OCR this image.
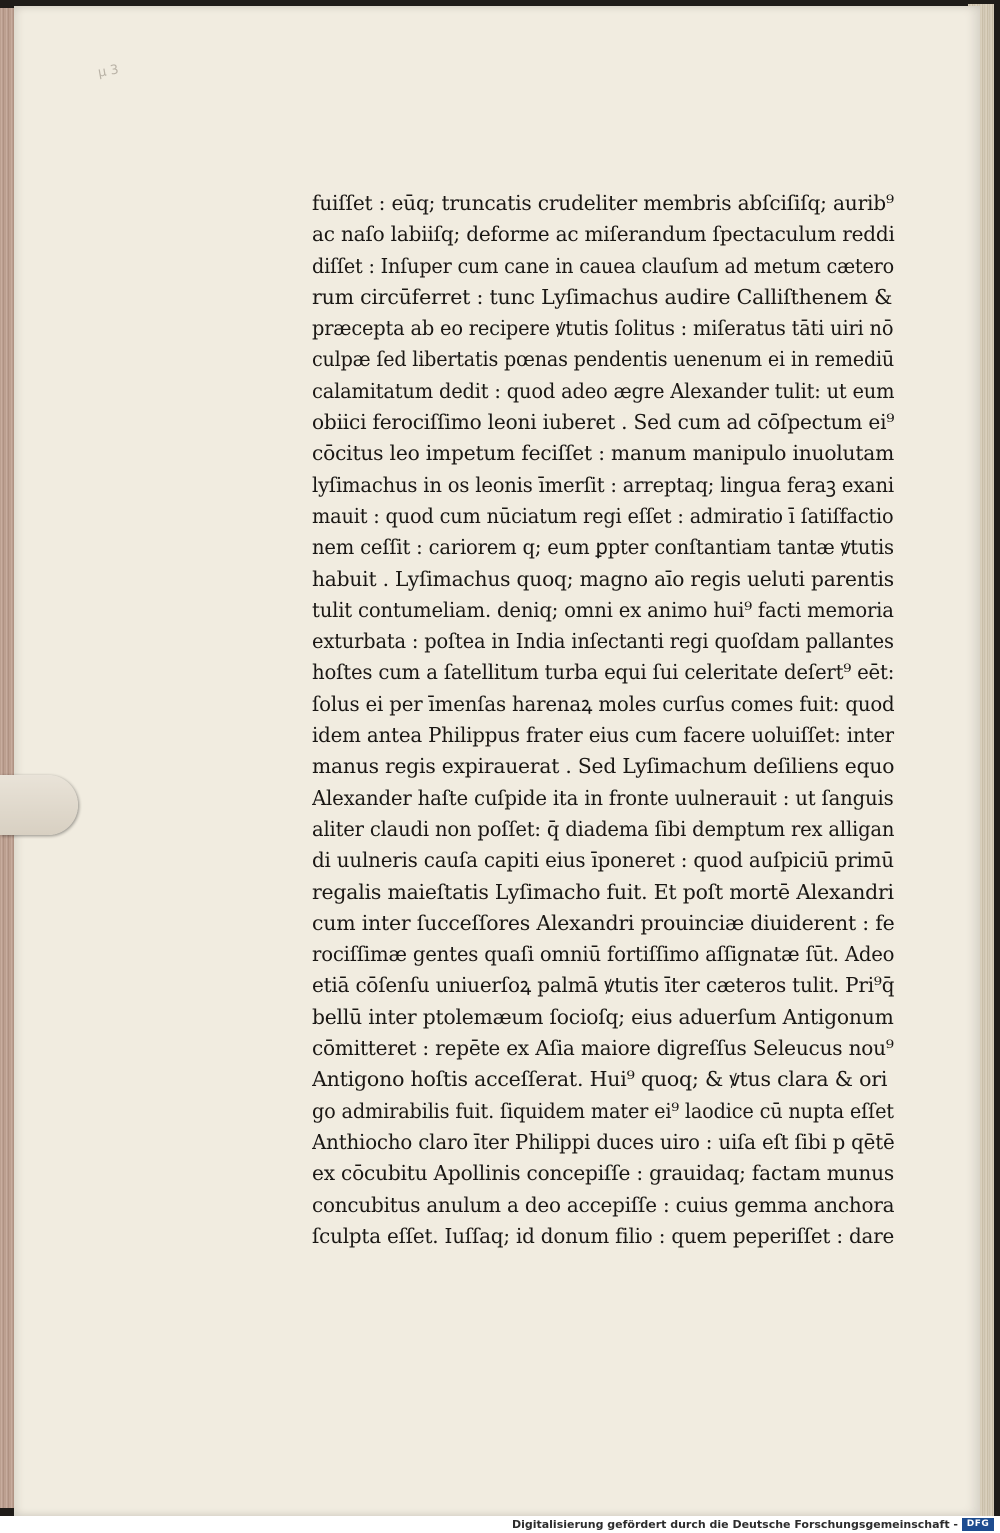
μ 3
fuiſſet : eūq; truncatis crudeliter membris abſciſiſq; aurib⁹
ac naſo labiiſq; deforme ac miſerandum ſpectaculum reddi
diſſet : Inſuper cum cane in cauea clauſum ad metum cætero
rum circūferret : tunc Lyſimachus audire Calliſthenem &
præcepta ab eo recipere ꝟtutis ſolitus : miſeratus tāti uiri nō
culpæ ſed libertatis pœnas pendentis uenenum ei in remediū
calamitatum dedit : quod adeo ægre Alexander tulit: ut eum
obiici ferociſſimo leoni iuberet . Sed cum ad cōſpectum ei⁹
cōcitus leo impetum feciſſet : manum manipulo inuolutam
lyſimachus in os leonis īmerſit : arreptaq; lingua feraꝫ exani
mauit : quod cum nūciatum regi eſſet : admiratio ī ſatiſfactio
nem ceſſit : cariorem q; eum ꝑpter conſtantiam tantæ ꝟtutis
habuit . Lyſimachus quoq; magno aīo regis ueluti parentis
tulit contumeliam. deniq; omni ex animo hui⁹ facti memoria
exturbata : poſtea in India inſectanti regi quoſdam pallantes
hoſtes cum a ſatellitum turba equi ſui celeritate deſert⁹ eēt:
ſolus ei per īmenſas harenaꝝ moles curſus comes fuit: quod
idem antea Philippus frater eius cum facere uoluiſſet: inter
manus regis expirauerat . Sed Lyſimachum deſiliens equo
Alexander haſte cuſpide ita in fronte uulnerauit : ut ſanguis
aliter claudi non poſſet: q̄ diadema ſibi demptum rex alligan
di uulneris cauſa capiti eius īponeret : quod auſpiciū primū
regalis maieſtatis Lyſimacho fuit. Et poſt mortē Alexandri
cum inter ſucceſſores Alexandri prouinciæ diuiderent : fe
rociſſimæ gentes quaſi omniū fortiſſimo aſſignatæ ſūt. Adeo
etiā cōſenſu uniuerſoꝝ palmā ꝟtutis īter cæteros tulit. Pri⁹q̄
bellū inter ptolemæum ſocioſq; eius aduerſum Antigonum
cōmitteret : repēte ex Aſia maiore digreſſus Seleucus nou⁹
Antigono hoſtis acceſſerat. Hui⁹ quoq; & ꝟtus clara & ori
go admirabilis fuit. ſiquidem mater ei⁹ laodice cū nupta eſſet
Anthiocho claro īter Philippi duces uiro : uiſa eſt ſibi p qētē
ex cōcubitu Apollinis concepiſſe : grauidaq; factam munus
concubitus anulum a deo accepiſſe : cuius gemma anchora
ſculpta eſſet. Iuſſaq; id donum filio : quem peperiſſet : dare
Digitalisierung gefördert durch die Deutsche Forschungsgemeinschaft - DFG
